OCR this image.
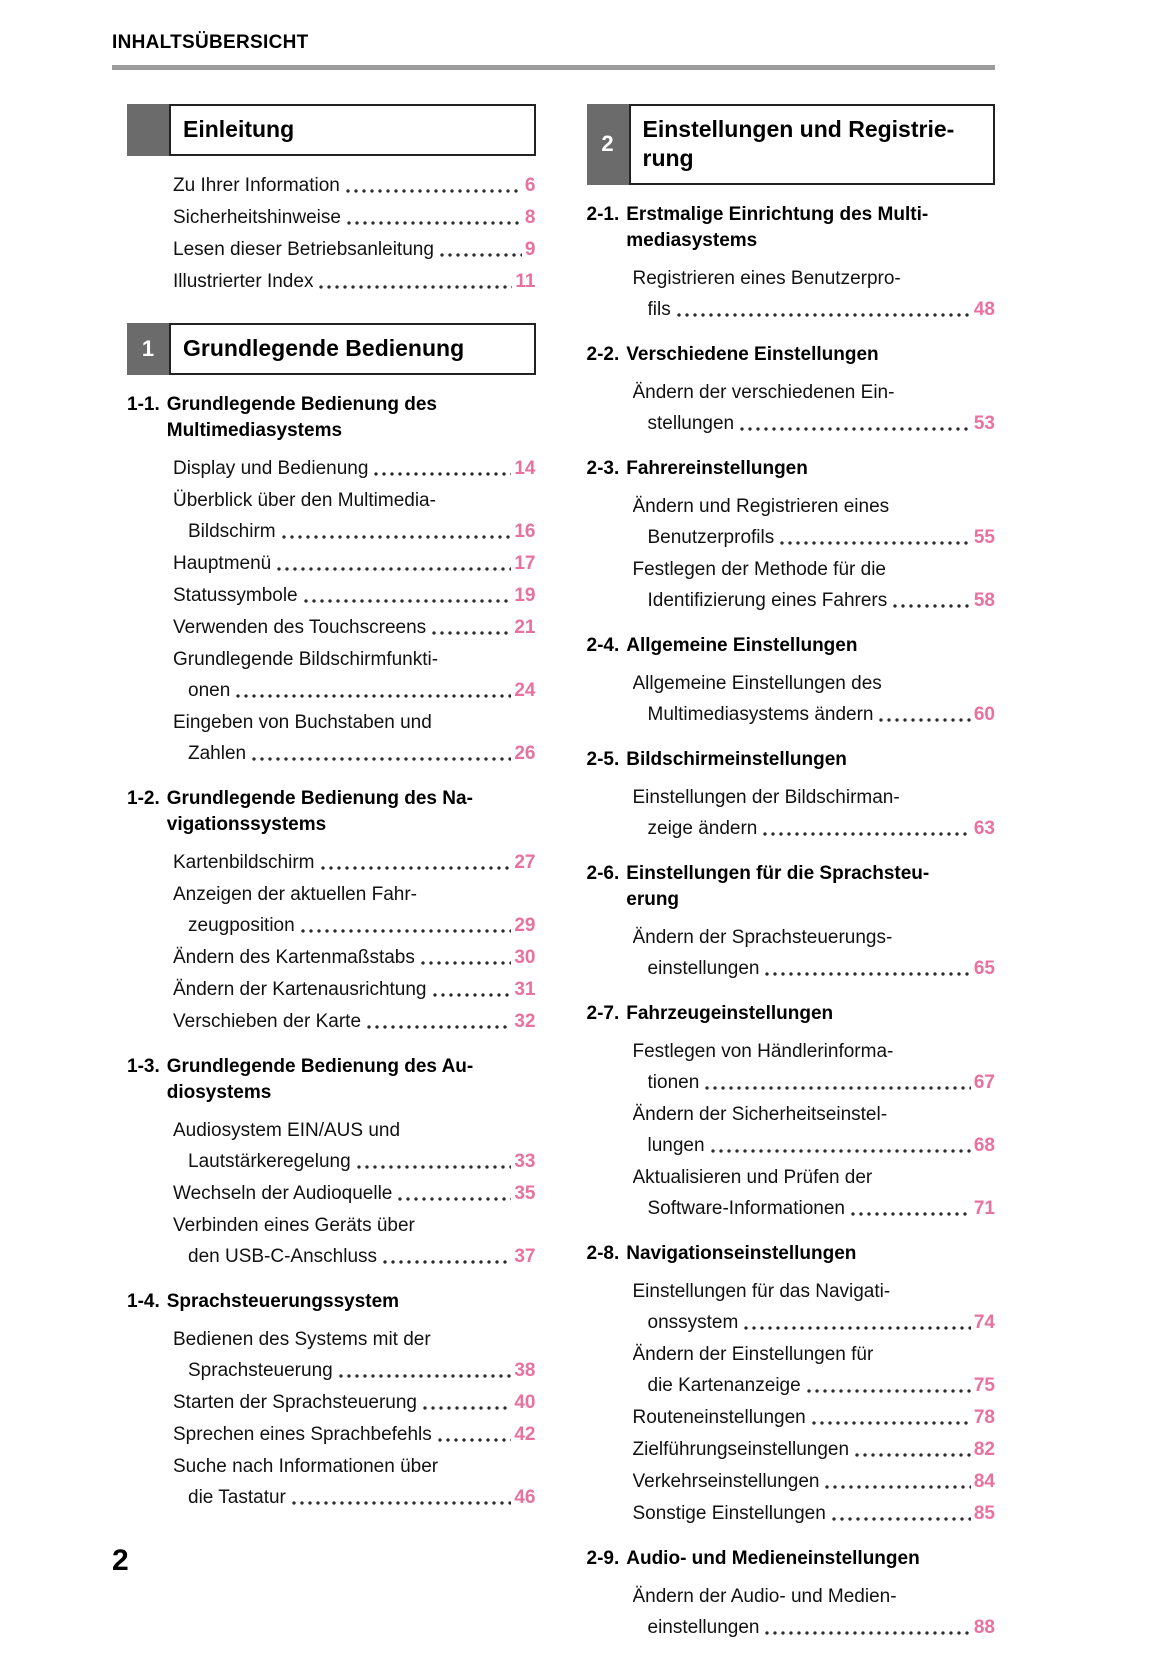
INHALTSÜBERSICHT
Einleitung
Zu Ihrer Information	6
Sicherheitshinweise	8
Lesen dieser Betriebsanleitung	9
Illustrierter Index	11
1	Grundlegende Bedienung
1-1. Grundlegende Bedienung des
Multimediasystems
Display und Bedienung	14
Überblick über den Multimedia-
Bildschirm	16
Hauptmenü	17
Statussymbole	19
Verwenden des Touchscreens	21
Grundlegende Bildschirmfunkti-
onen	24
Eingeben von Buchstaben und
Zahlen	26
1-2. Grundlegende Bedienung des Na-
vigationssystems
Kartenbildschirm	27
Anzeigen der aktuellen Fahr-
zeugposition	29
Ändern des Kartenmaßstabs	30
Ändern der Kartenausrichtung	31
Verschieben der Karte	32
1-3. Grundlegende Bedienung des Au-
diosystems
Audiosystem EIN/AUS und
Lautstärkeregelung	33
Wechseln der Audioquelle	35
Verbinden eines Geräts über
den USB-C-Anschluss	37
1-4. Sprachsteuerungssystem
Bedienen des Systems mit der
Sprachsteuerung	38
Starten der Sprachsteuerung	40
Sprechen eines Sprachbefehls	42
Suche nach Informationen über
die Tastatur	46
2
Einstellungen und Registrie-
rung
2-1. Erstmalige Einrichtung des Multi-
mediasystems
Registrieren eines Benutzerpro-
fils	48
2-2. Verschiedene Einstellungen
Ändern der verschiedenen Ein-
stellungen	53
2-3. Fahrereinstellungen
Ändern und Registrieren eines
Benutzerprofils	55
Festlegen der Methode für die
Identifizierung eines Fahrers	58
2-4. Allgemeine Einstellungen
Allgemeine Einstellungen des
Multimediasystems ändern	60
2-5. Bildschirmeinstellungen
Einstellungen der Bildschirman-
zeige ändern	63
2-6. Einstellungen für die Sprachsteu-
erung
Ändern der Sprachsteuerungs-
einstellungen	65
2-7. Fahrzeugeinstellungen
Festlegen von Händlerinforma-
tionen	67
Ändern der Sicherheitseinstel-
lungen	68
Aktualisieren und Prüfen der
Software-Informationen	71
2-8. Navigationseinstellungen
Einstellungen für das Navigati-
onssystem	74
Ändern der Einstellungen für
die Kartenanzeige	75
Routeneinstellungen	78
Zielführungseinstellungen	82
Verkehrseinstellungen	84
Sonstige Einstellungen	85
2-9. Audio- und Medieneinstellungen
Ändern der Audio- und Medien-
einstellungen	88
2
